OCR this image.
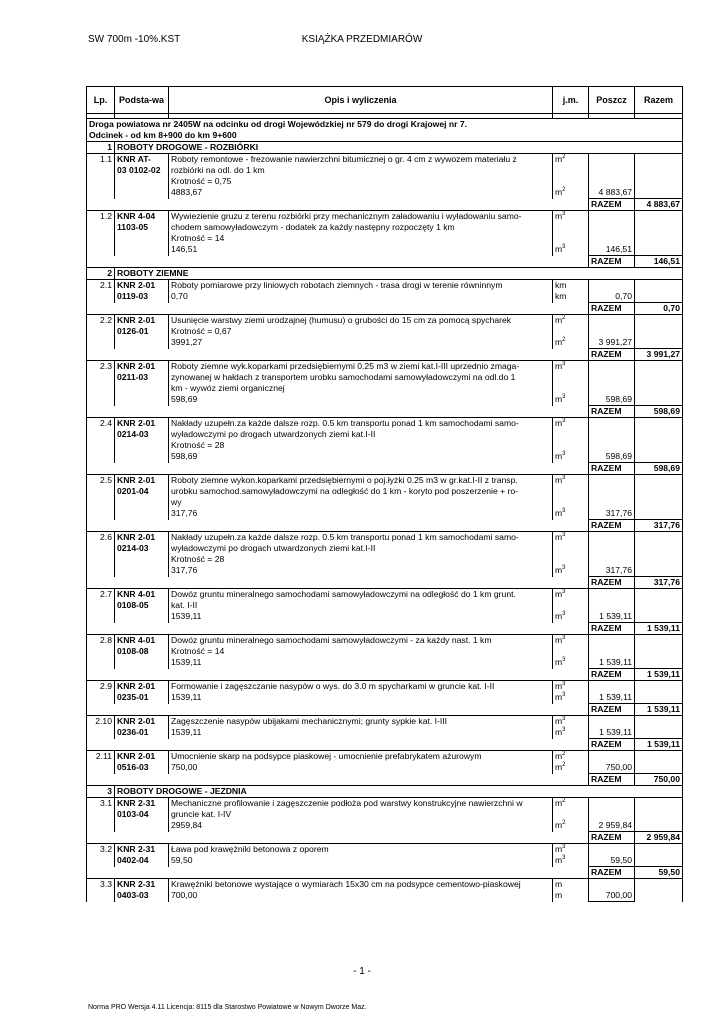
SW 700m -10%.KST	KSIĄŻKA PRZEDMIARÓW
Lp.	Podsta-wa	Opis i wyliczenia	j.m.	Poszcz	Razem

Droga powiatowa nr 2405W na odcinku od drogi Wojewódzkiej nr 579 do drogi Krajowej nr 7.
Odcinek - od km 8+900 do km 9+600					

1	ROBOTY DROGOWE - ROZBIÓRKI				
1.1	KNR AT-
03 0102-02	Roboty remontowe - frezowanie nawierzchni bitumicznej o gr. 4 cm z wywozem materiału z	$m^2$		
		rozbiórki na odl. do 1 km			
		Krotność = 0,75			
		4883,67	$m^2$	4 883,67	
				RAZEM	4 883,67
1.2	KNR 4-04
1103-05	Wywiezienie gruzu z terenu rozbiórki przy mechanicznym załadowaniu i wyładowaniu samo-	$m^3$		
		chodem samowyładowczym - dodatek za każdy następny rozpoczęty 1 km			
		Krotność = 14			
		146,51	$m^3$	146,51	
				RAZEM	146,51
2	ROBOTY ZIEMNE				
2.1	KNR 2-01
0119-03	Roboty pomiarowe przy liniowych robotach ziemnych - trasa drogi w terenie równinnym	km		

		0,70	km	0,70	
				RAZEM	0,70
2.2	KNR 2-01
0126-01	Usunięcie warstwy ziemi urodzajnej (humusu) o grubości do 15 cm za pomocą spycharek	$m^2$		
		Krotność = 0,67			
		3991,27	$m^2$	3 991,27	
				RAZEM	3 991,27
2.3	KNR 2-01
0211-03	Roboty ziemne wyk.koparkami przedsiębiernymi 0.25 m3 w ziemi kat.I-III uprzednio zmaga-	$m^3$		
		zynowanej w hałdach z transportem urobku samochodami samowyładowczymi na odl.do 1			
		km - wywóz ziemi organicznej			
		598,69	$m^3$	598,69	
				RAZEM	598,69
2.4	KNR 2-01
0214-03	Nakłady uzupełn.za każde dalsze rozp. 0.5 km transportu ponad 1 km samochodami samo-	$m^3$		
		wyładowczymi po drogach utwardzonych ziemi kat.I-II			
		Krotność = 28			
		598,69	$m^3$	598,69	
				RAZEM	598,69
2.5	KNR 2-01
0201-04	Roboty ziemne wykon.koparkami przedsiębiernymi o poj.łyżki 0.25 m3 w gr.kat.I-II z transp.	$m^3$		
		urobku samochod.samowyładowczymi na odległość do 1 km - koryto pod poszerzenie + ro-			
		wy			
		317,76	$m^3$	317,76	
				RAZEM	317,76
2.6	KNR 2-01
0214-03	Nakłady uzupełn.za każde dalsze rozp. 0.5 km transportu ponad 1 km samochodami samo-	$m^3$		
		wyładowczymi po drogach utwardzonych ziemi kat.I-II			
		Krotność = 28			
		317,76	$m^3$	317,76	
				RAZEM	317,76
2.7	KNR 4-01
0108-05	Dowóz gruntu mineralnego samochodami samowyładowczymi na odległość do 1 km grunt.	$m^3$		
		kat. I-II			
		1539,11	$m^3$	1 539,11	
				RAZEM	1 539,11
2.8	KNR 4-01
0108-08	Dowóz gruntu mineralnego samochodami samowyładowczymi - za każdy nast. 1 km	$m^3$		
		Krotność = 14			
		1539,11	$m^3$	1 539,11	
				RAZEM	1 539,11
2.9	KNR 2-01
0235-01	Formowanie i zagęszczanie nasypów o wys. do 3.0 m spycharkami w gruncie kat. I-II	$m^3$		

		1539,11	$m^3$	1 539,11	
				RAZEM	1 539,11
2.10	KNR 2-01
0236-01	Zagęszczenie nasypów ubijakami mechanicznymi; grunty sypkie kat. I-III	$m^3$		

		1539,11	$m^3$	1 539,11	
				RAZEM	1 539,11
2.11	KNR 2-01
0516-03	Umocnienie skarp na podsypce piaskowej - umocnienie prefabrykatem ażurowym	$m^2$		

		750,00	$m^2$	750,00	
				RAZEM	750,00
3	ROBOTY DROGOWE - JEZDNIA				
3.1	KNR 2-31
0103-04	Mechaniczne profilowanie i zagęszczenie podłoża pod warstwy konstrukcyjne nawierzchni w	$m^2$		
		gruncie kat. I-IV			
		2959,84	$m^2$	2 959,84	
				RAZEM	2 959,84
3.2	KNR 2-31
0402-04	Ława pod krawężniki betonowa z oporem	$m^3$		

		59,50	$m^3$	59,50	
				RAZEM	59,50
3.3	KNR 2-31
0403-03	Krawężniki betonowe wystające o wymiarach 15x30 cm na podsypce cementowo-piaskowej	m		

		700,00	m	700,00	
- 1 -
Norma PRO Wersja 4.11 Licencja: 8115 dla Starostwo Powiatowe w Nowym Dworze Maz.
